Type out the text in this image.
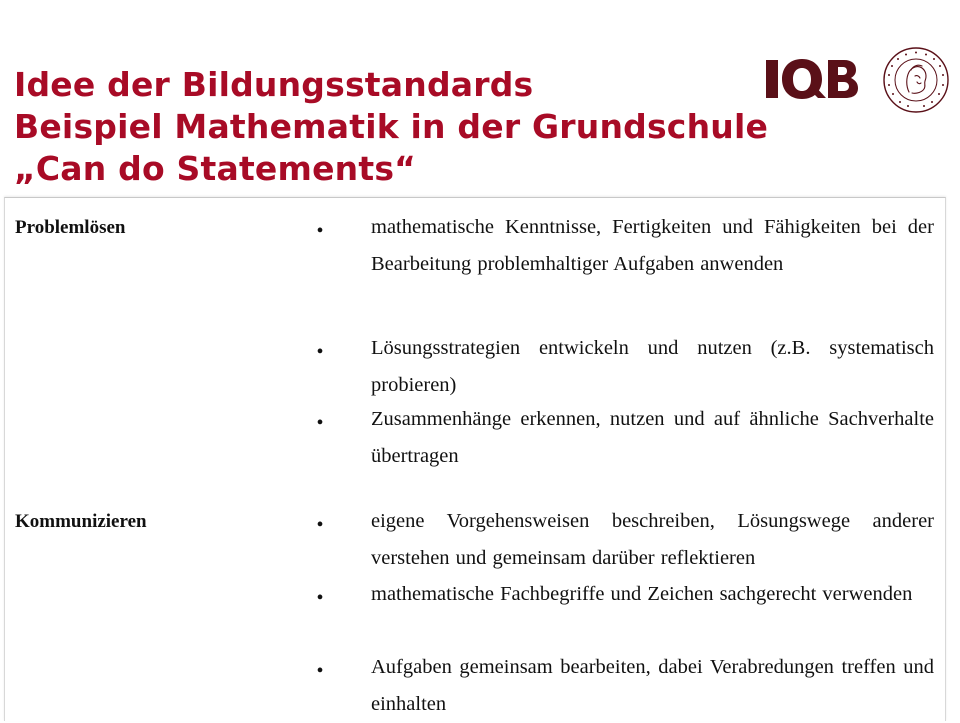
Idee der Bildungsstandards
Beispiel Mathematik in der Grundschule
„Can do Statements“
Problemlösen	•	mathematische Kenntnisse, Fertigkeiten und Fähigkeiten bei der Bearbeitung problemhaltiger Aufgaben anwenden
•	Lösungsstrategien entwickeln und nutzen (z.B. systematisch probieren)
•	Zusammenhänge erkennen, nutzen und auf ähnliche Sachverhalte übertragen
Kommunizieren	•	eigene Vorgehensweisen beschreiben, Lösungswege anderer verstehen und gemeinsam darüber reflektieren
•	mathematische Fachbegriffe und Zeichen sachgerecht verwenden
•	Aufgaben gemeinsam bearbeiten, dabei Verabredungen treffen und einhalten
